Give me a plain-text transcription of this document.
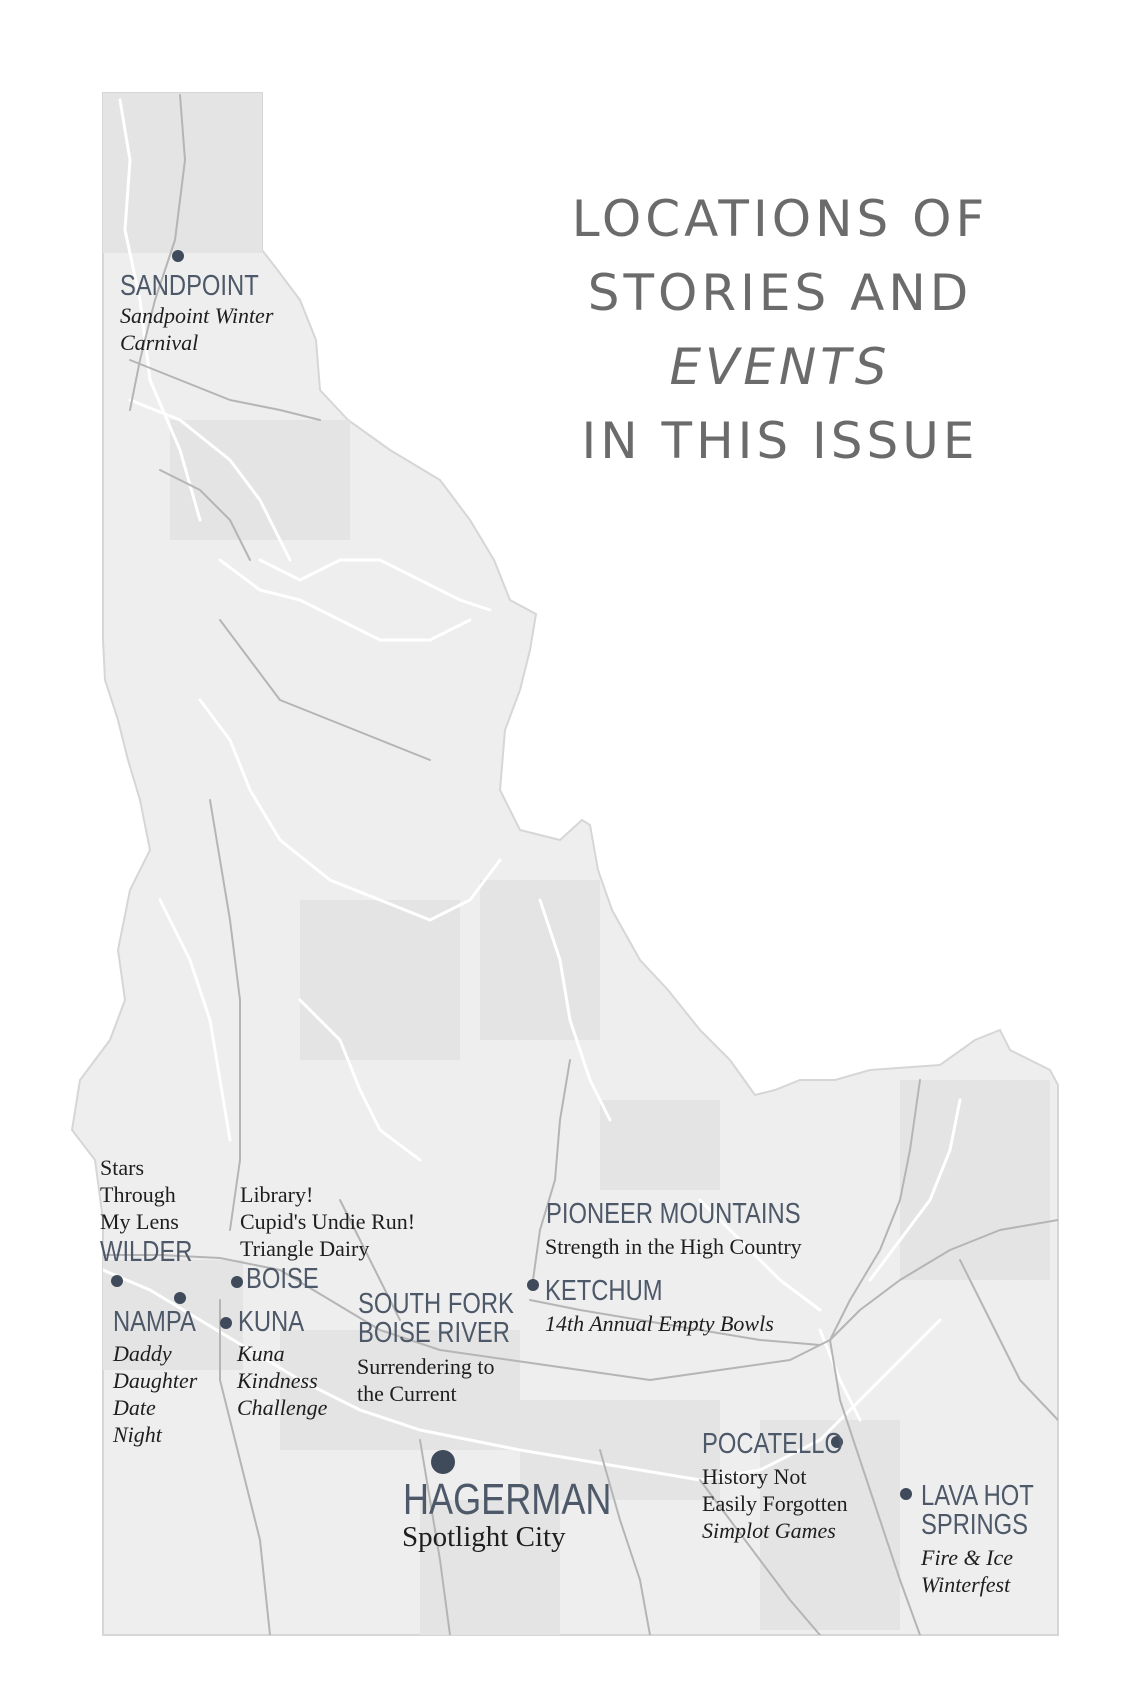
LOCATIONS OF
STORIES AND
EVENTS
IN THIS ISSUE
SANDPOINT
Sandpoint Winter
Carnival
Stars
Through
My Lens
WILDER
Library!
Cupid's Undie Run!
Triangle Dairy
BOISE
NAMPA
Daddy
Daughter
Date
Night
KUNA
Kuna
Kindness
Challenge
SOUTH FORK
BOISE RIVER
Surrendering to
the Current
PIONEER MOUNTAINS
Strength in the High Country
KETCHUM
14th Annual Empty Bowls
HAGERMAN
Spotlight City
POCATELLO
History Not
Easily Forgotten
Simplot Games
LAVA HOT
SPRINGS
Fire & Ice
Winterfest
